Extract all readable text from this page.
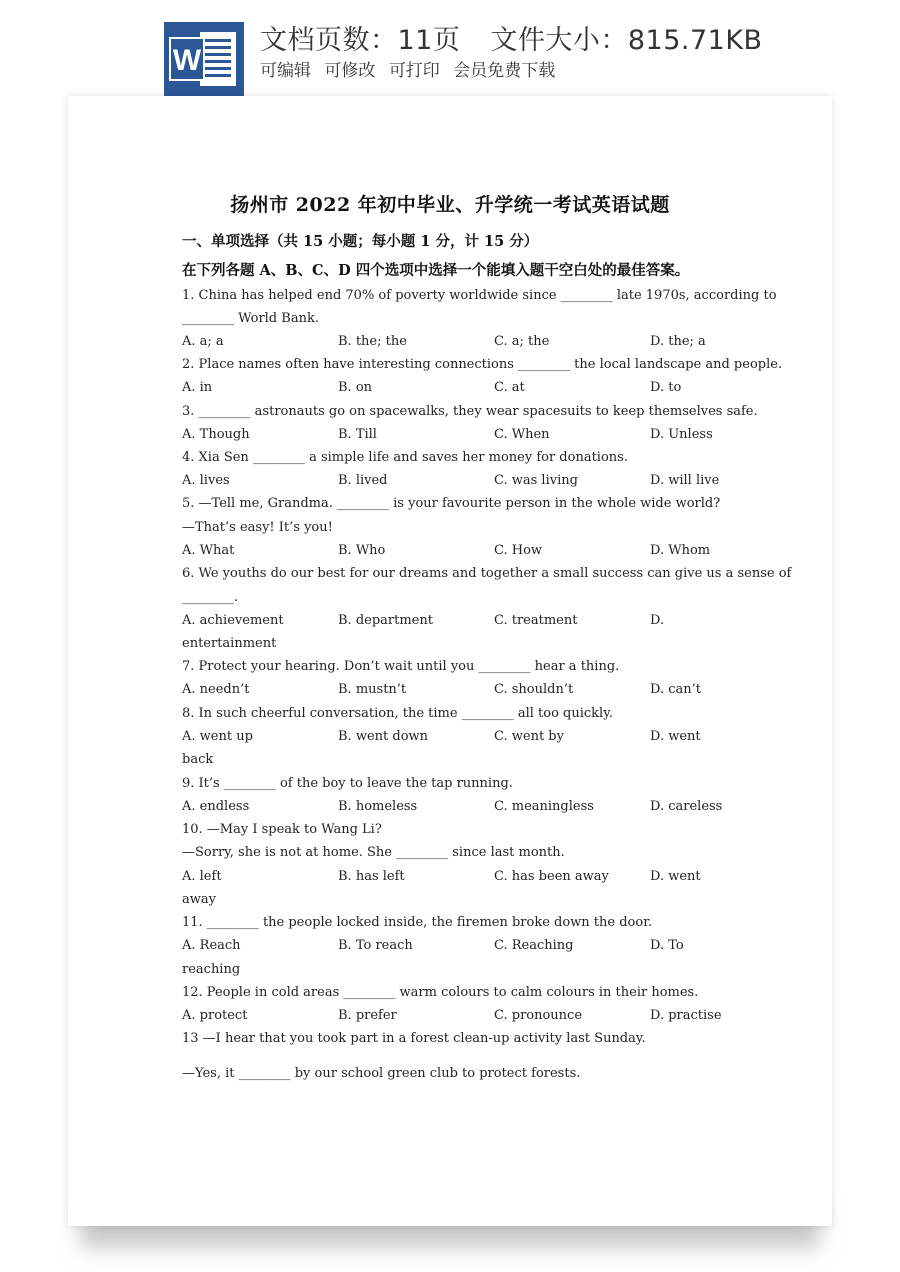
W
文档页数：11页 文件大小：815.71KB
可编辑 可修改 可打印 会员免费下载
扬州市 2022 年初中毕业、升学统一考试英语试题
一、单项选择（共 15 小题；每小题 1 分，计 15 分）
在下列各题 A、B、C、D 四个选项中选择一个能填入题干空白处的最佳答案。
1. China has helped end 70% of poverty worldwide since ________ late 1970s, according to
________ World Bank.
A. a; a	B. the; the	C. a; the	D. the; a
2. Place names often have interesting connections ________ the local landscape and people.
A. in	B. on	C. at	D. to
3. ________ astronauts go on spacewalks, they wear spacesuits to keep themselves safe.
A. Though	B. Till	C. When	D. Unless
4. Xia Sen ________ a simple life and saves her money for donations.
A. lives	B. lived	C. was living	D. will live
5. —Tell me, Grandma. ________ is your favourite person in the whole wide world?
—That’s easy! It’s you!
A. What	B. Who	C. How	D. Whom
6. We youths do our best for our dreams and together a small success can give us a sense of
________.
A. achievement	B. department	C. treatment	D.
entertainment
7. Protect your hearing. Don’t wait until you ________ hear a thing.
A. needn’t	B. mustn’t	C. shouldn’t	D. can’t
8. In such cheerful conversation, the time ________ all too quickly.
A. went up	B. went down	C. went by	D. went
back
9. It’s ________ of the boy to leave the tap running.
A. endless	B. homeless	C. meaningless	D. careless
10. —May I speak to Wang Li?
—Sorry, she is not at home. She ________ since last month.
A. left	B. has left	C. has been away	D. went
away
11. ________ the people locked inside, the firemen broke down the door.
A. Reach	B. To reach	C. Reaching	D. To
reaching
12. People in cold areas ________ warm colours to calm colours in their homes.
A. protect	B. prefer	C. pronounce	D. practise
13 —I hear that you took part in a forest clean-up activity last Sunday.
—Yes, it ________ by our school green club to protect forests.
